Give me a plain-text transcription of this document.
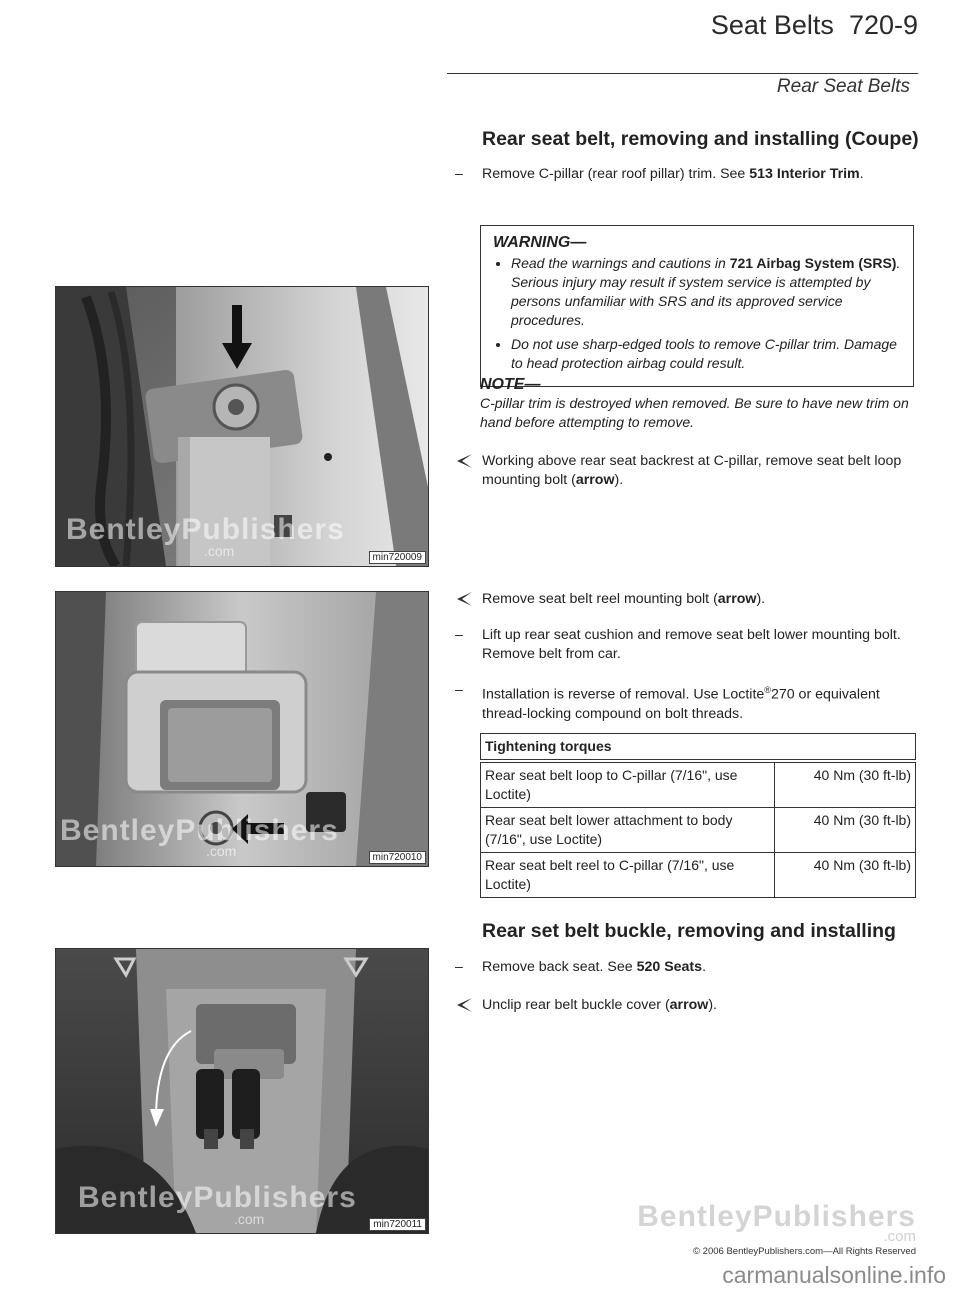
Seat Belts 720-9
Rear Seat Belts
Rear seat belt, removing and installing (Coupe)
–
Remove C-pillar (rear roof pillar) trim. See 513 Interior Trim.
WARNING—
• Read the warnings and cautions in 721 Airbag System (SRS). Serious injury may result if system service is attempted by persons unfamiliar with SRS and its approved service procedures.
• Do not use sharp-edged tools to remove C-pillar trim. Damage to head protection airbag could result.
NOTE—
C-pillar trim is destroyed when removed. Be sure to have new trim on hand before attempting to remove.
Working above rear seat backrest at C-pillar, remove seat belt loop mounting bolt (arrow).
Remove seat belt reel mounting bolt (arrow).
–
Lift up rear seat cushion and remove seat belt lower mounting bolt. Remove belt from car.
–
Installation is reverse of removal. Use Loctite®270 or equivalent thread-locking compound on bolt threads.
Tightening torques	

Rear seat belt loop to C-pillar (7/16", use Loctite)	40 Nm (30 ft-lb)
Rear seat belt lower attachment to body (7/16", use Loctite)	40 Nm (30 ft-lb)
Rear seat belt reel to C-pillar (7/16", use Loctite)	40 Nm (30 ft-lb)
Rear set belt buckle, removing and installing
–
Remove back seat. See 520 Seats.
Unclip rear belt buckle cover (arrow).
BentleyPublishers
.com	min720009
BentleyPublishers
.com	min720010
BentleyPublishers
.com	min720011	BentleyPublishers
.com
© 2006 BentleyPublishers.com—All Rights Reserved
carmanualsonline.info
